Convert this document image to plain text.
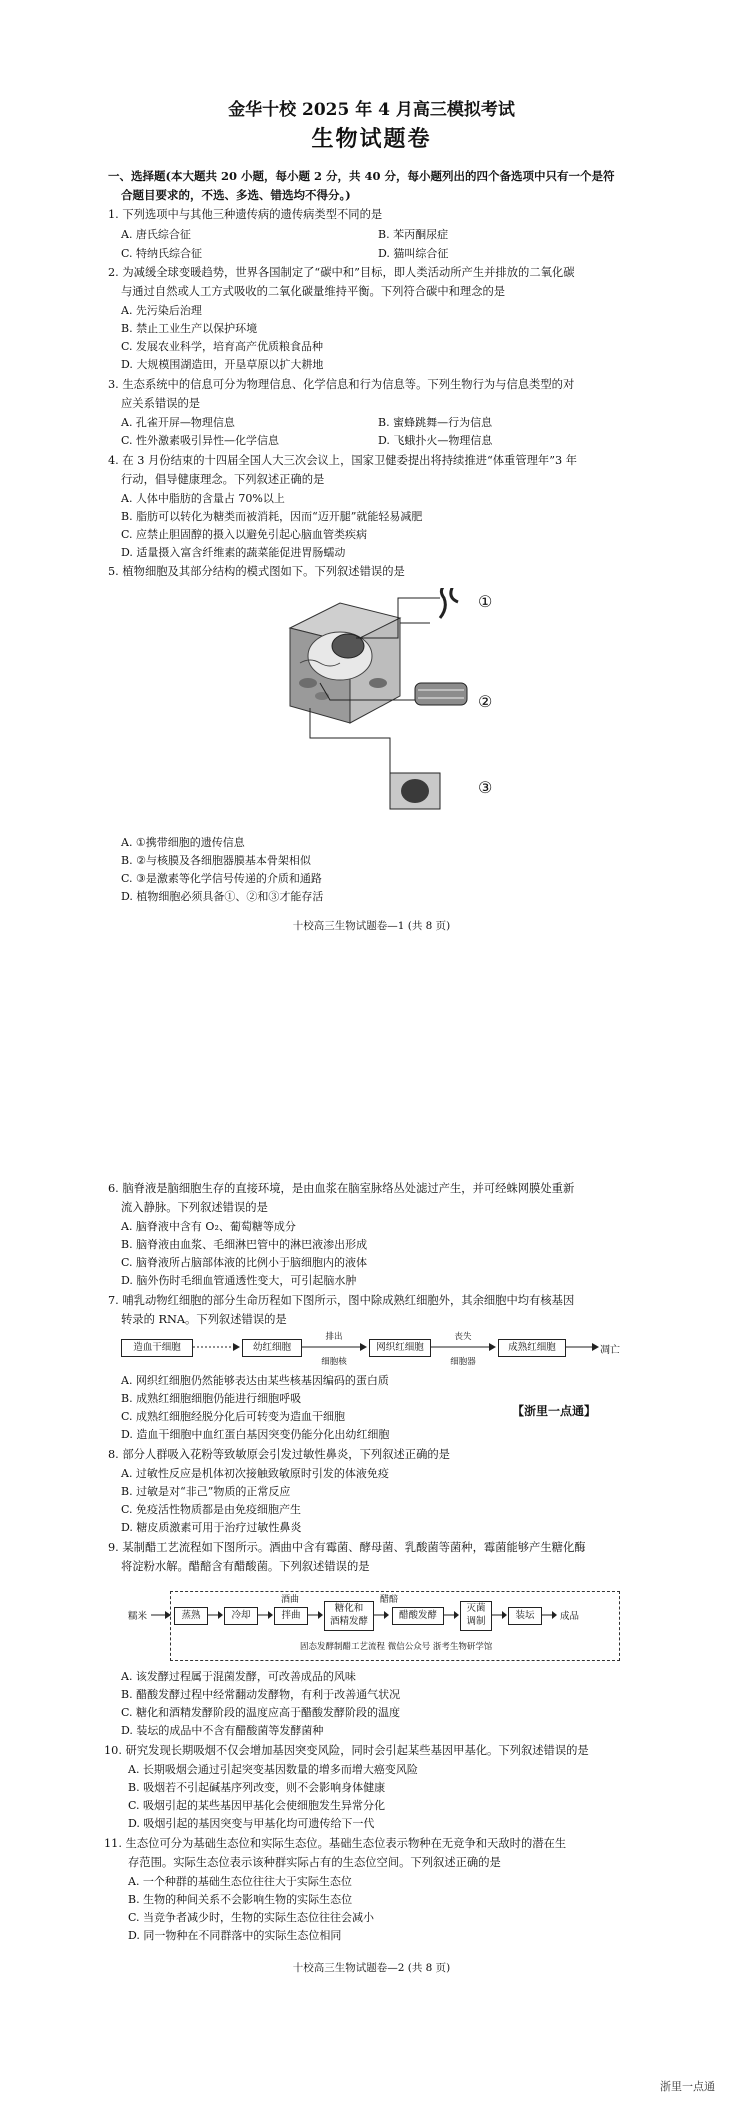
金华十校 2025 年 4 月高三模拟考试
生物试题卷
一、选择题(本大题共 20 小题，每小题 2 分，共 40 分，每小题列出的四个备选项中只有一个是符
合题目要求的，不选、多选、错选均不得分。)
1. 下列选项中与其他三种遗传病的遗传病类型不同的是
A. 唐氏综合征	B. 苯丙酮尿症
C. 特纳氏综合征	D. 猫叫综合征
2. 为减缓全球变暖趋势，世界各国制定了“碳中和”目标，即人类活动所产生并排放的二氧化碳
与通过自然或人工方式吸收的二氧化碳量维持平衡。下列符合碳中和理念的是
A. 先污染后治理
B. 禁止工业生产以保护环境
C. 发展农业科学，培育高产优质粮食品种
D. 大规模围湖造田，开垦草原以扩大耕地
3. 生态系统中的信息可分为物理信息、化学信息和行为信息等。下列生物行为与信息类型的对
应关系错误的是
A. 孔雀开屏—物理信息	B. 蜜蜂跳舞—行为信息
C. 性外激素吸引异性—化学信息	D. 飞蛾扑火—物理信息
4. 在 3 月份结束的十四届全国人大三次会议上，国家卫健委提出将持续推进“体重管理年”3 年
行动，倡导健康理念。下列叙述正确的是
A. 人体中脂肪的含量占 70%以上
B. 脂肪可以转化为糖类而被消耗，因而“迈开腿”就能轻易减肥
C. 应禁止胆固醇的摄入以避免引起心脑血管类疾病
D. 适量摄入富含纤维素的蔬菜能促进胃肠蠕动
5. 植物细胞及其部分结构的模式图如下。下列叙述错误的是
①
②
③
A. ①携带细胞的遗传信息
B. ②与核膜及各细胞器膜基本骨架相似
C. ③是激素等化学信号传递的介质和通路
D. 植物细胞必须具备①、②和③才能存活
十校高三生物试题卷—1 (共 8 页)
6. 脑脊液是脑细胞生存的直接环境，是由血浆在脑室脉络丛处滤过产生，并可经蛛网膜处重新
流入静脉。下列叙述错误的是
A. 脑脊液中含有 O₂、葡萄糖等成分
B. 脑脊液由血浆、毛细淋巴管中的淋巴液渗出形成
C. 脑脊液所占脑部体液的比例小于脑细胞内的液体
D. 脑外伤时毛细血管通透性变大，可引起脑水肿
7. 哺乳动物红细胞的部分生命历程如下图所示，图中除成熟红细胞外，其余细胞中均有核基因
转录的 RNA。下列叙述错误的是
造血干细胞	幼红细胞
排出
细胞核
网织红细胞
丧失
细胞器
成熟红细胞	凋亡
A. 网织红细胞仍然能够表达由某些核基因编码的蛋白质
B. 成熟红细胞细胞仍能进行细胞呼吸
C. 成熟红细胞经脱分化后可转变为造血干细胞
D. 造血干细胞中血红蛋白基因突变仍能分化出幼红细胞
【浙里一点通】
8. 部分人群吸入花粉等致敏原会引发过敏性鼻炎，下列叙述正确的是
A. 过敏性反应是机体初次接触致敏原时引发的体液免疫
B. 过敏是对“非己”物质的正常反应
C. 免疫活性物质都是由免疫细胞产生
D. 糖皮质激素可用于治疗过敏性鼻炎
9. 某制醋工艺流程如下图所示。酒曲中含有霉菌、酵母菌、乳酸菌等菌种，霉菌能够产生糖化酶
将淀粉水解。醋醅含有醋酸菌。下列叙述错误的是
糯米	蒸熟	冷却	拌曲
酒曲
糖化和
酒精发酵
醋醅
醋酸发酵
灭菌
调制
装坛	成品
固态发酵制醋工艺流程 微信公众号 浙考生物研学馆
A. 该发酵过程属于混菌发酵，可改善成品的风味
B. 醋酸发酵过程中经常翻动发酵物，有利于改善通气状况
C. 糖化和酒精发酵阶段的温度应高于醋酸发酵阶段的温度
D. 装坛的成品中不含有醋酸菌等发酵菌种
10. 研究发现长期吸烟不仅会增加基因突变风险，同时会引起某些基因甲基化。下列叙述错误的是
A. 长期吸烟会通过引起突变基因数量的增多而增大癌变风险
B. 吸烟若不引起碱基序列改变，则不会影响身体健康
C. 吸烟引起的某些基因甲基化会使细胞发生异常分化
D. 吸烟引起的基因突变与甲基化均可遗传给下一代
11. 生态位可分为基础生态位和实际生态位。基础生态位表示物种在无竞争和天敌时的潜在生
存范围。实际生态位表示该种群实际占有的生态位空间。下列叙述正确的是
A. 一个种群的基础生态位往往大于实际生态位
B. 生物的种间关系不会影响生物的实际生态位
C. 当竞争者减少时，生物的实际生态位往往会减小
D. 同一物种在不同群落中的实际生态位相同
十校高三生物试题卷—2 (共 8 页)
浙里一点通
